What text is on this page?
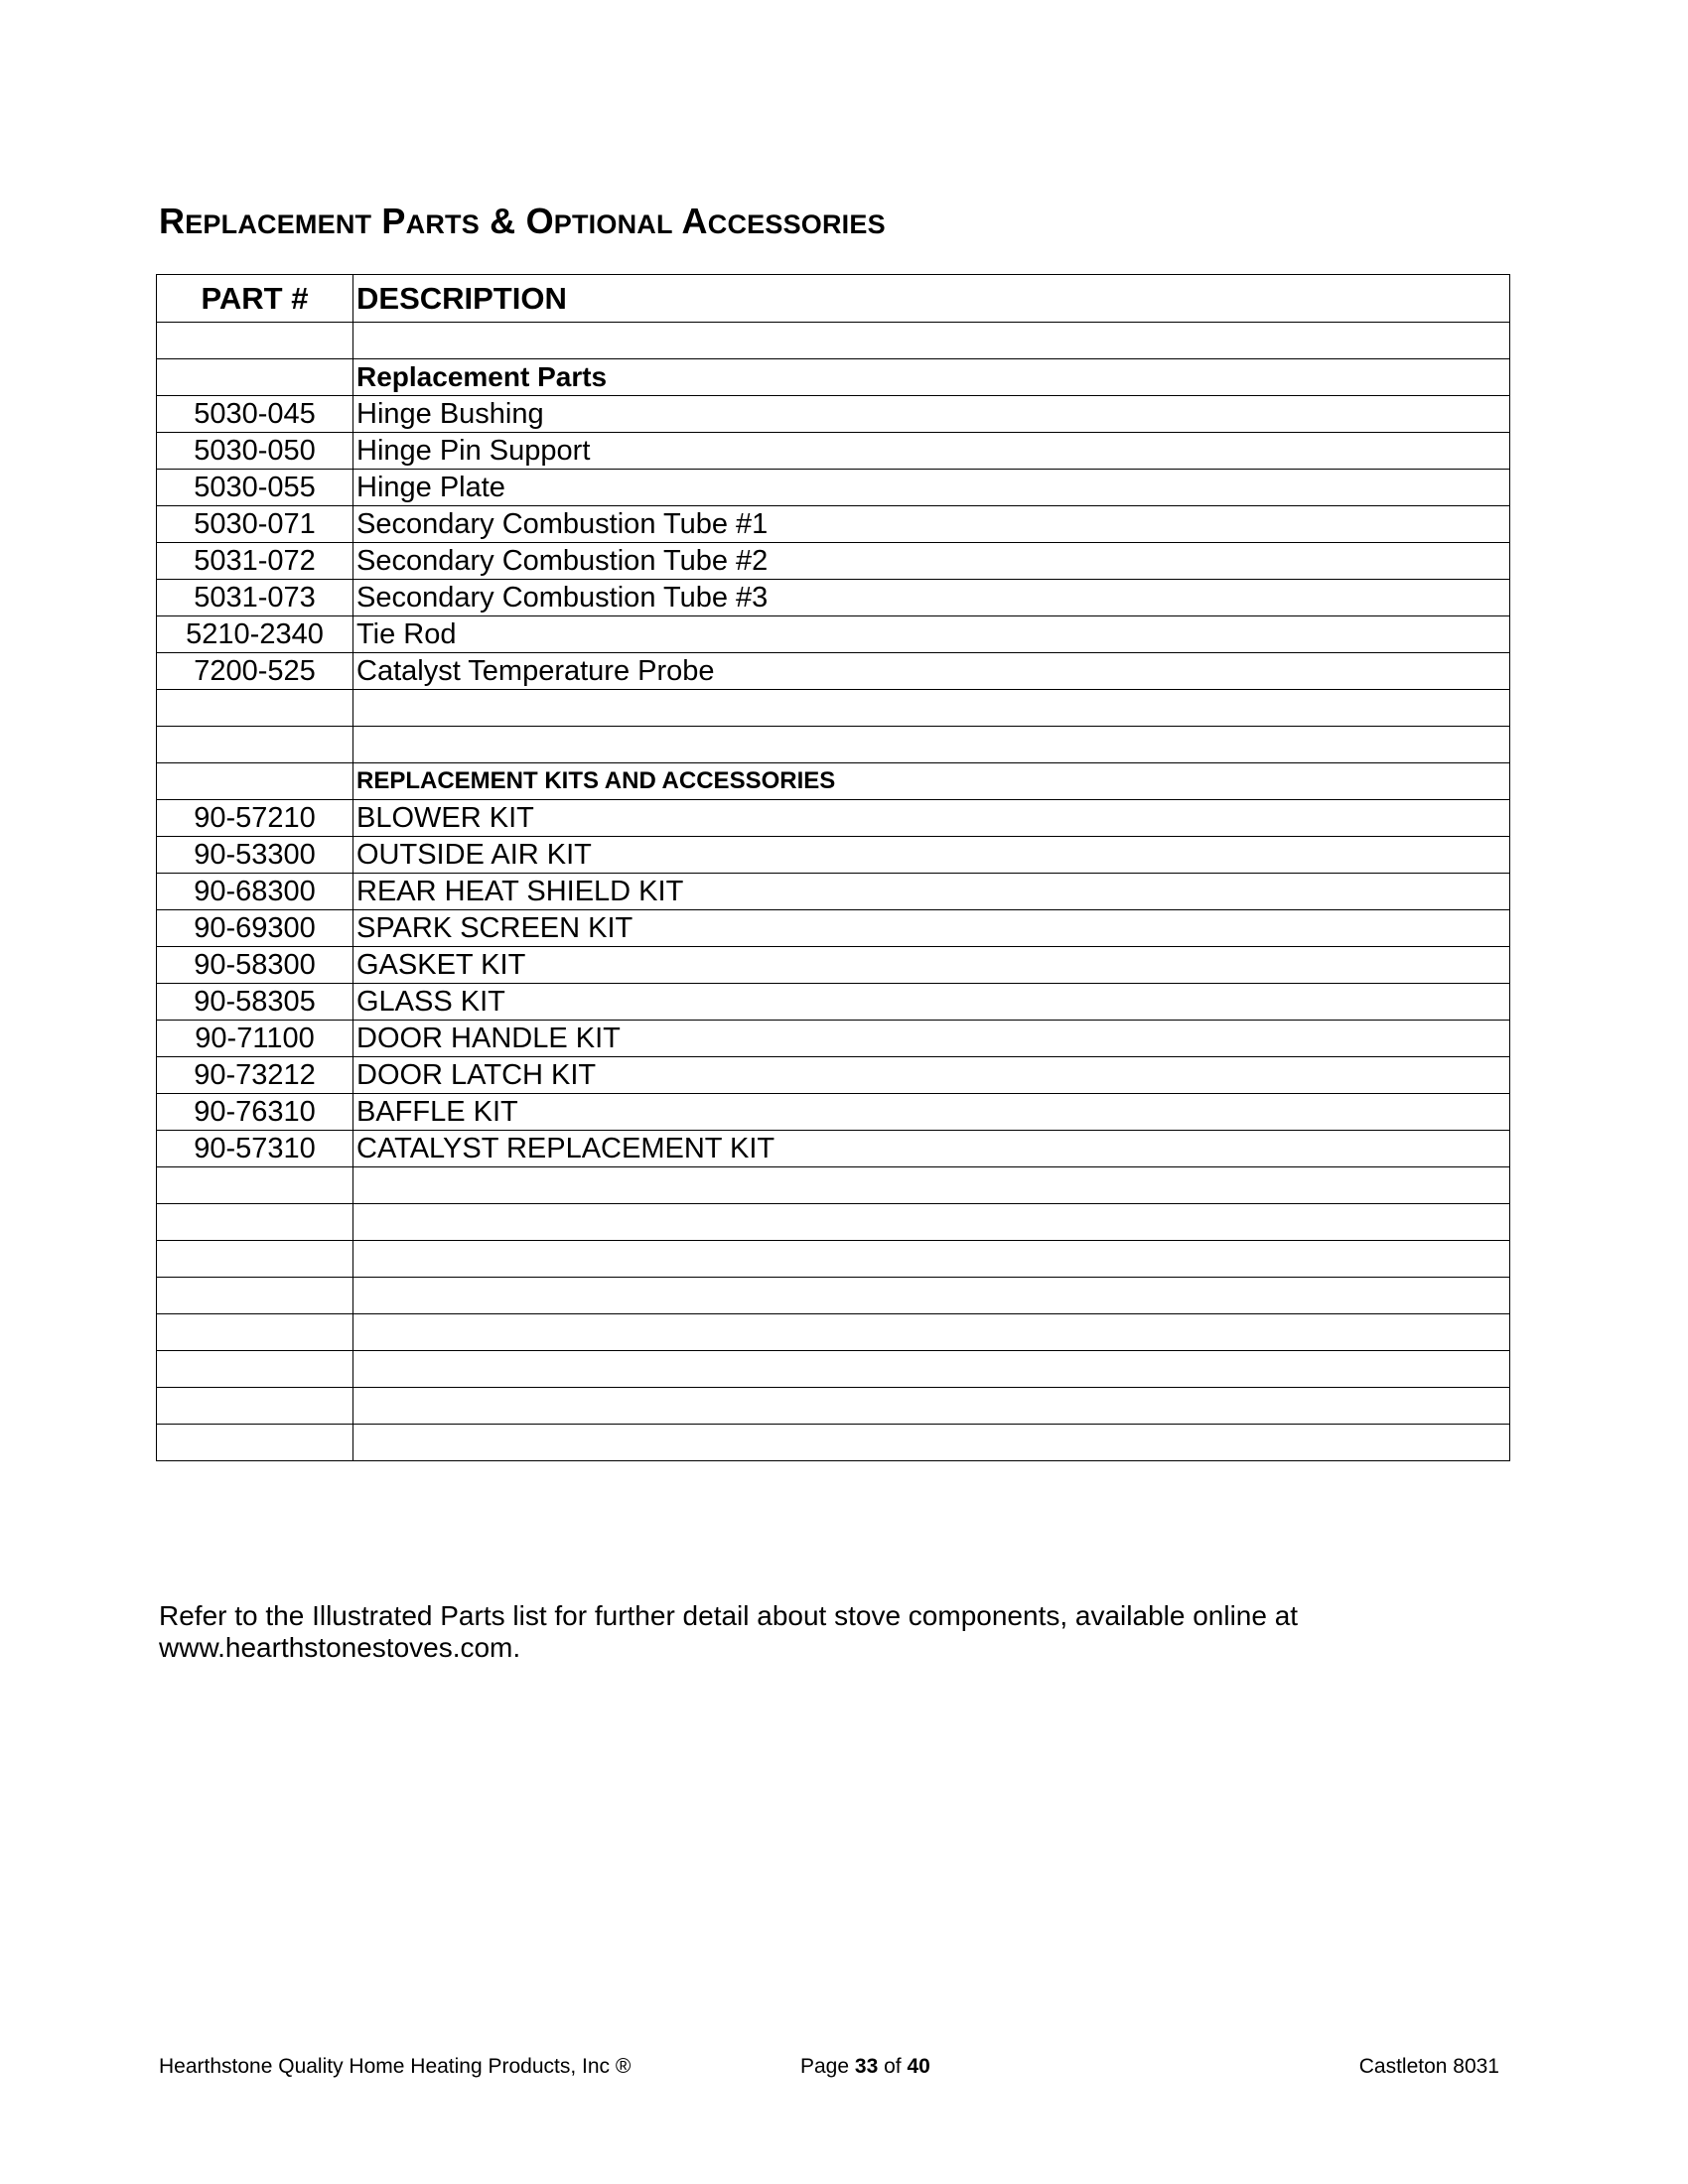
REPLACEMENT PARTS & OPTIONAL ACCESSORIES
PART #	DESCRIPTION

	Replacement Parts
5030-045	Hinge Bushing
5030-050	Hinge Pin Support
5030-055	Hinge Plate
5030-071	Secondary Combustion Tube #1
5031-072	Secondary Combustion Tube #2
5031-073	Secondary Combustion Tube #3
5210-2340	Tie Rod
7200-525	Catalyst Temperature Probe

	REPLACEMENT KITS AND ACCESSORIES
90-57210	BLOWER KIT
90-53300	OUTSIDE AIR KIT
90-68300	REAR HEAT SHIELD KIT
90-69300	SPARK SCREEN KIT
90-58300	GASKET KIT
90-58305	GLASS KIT
90-71100	DOOR HANDLE KIT
90-73212	DOOR LATCH KIT
90-76310	BAFFLE KIT
90-57310	CATALYST REPLACEMENT KIT

Refer to the Illustrated Parts list for further detail about stove components, available online at
www.hearthstonestoves.com.
Hearthstone Quality Home Heating Products, Inc ®	Page 33 of 40	Castleton 8031
